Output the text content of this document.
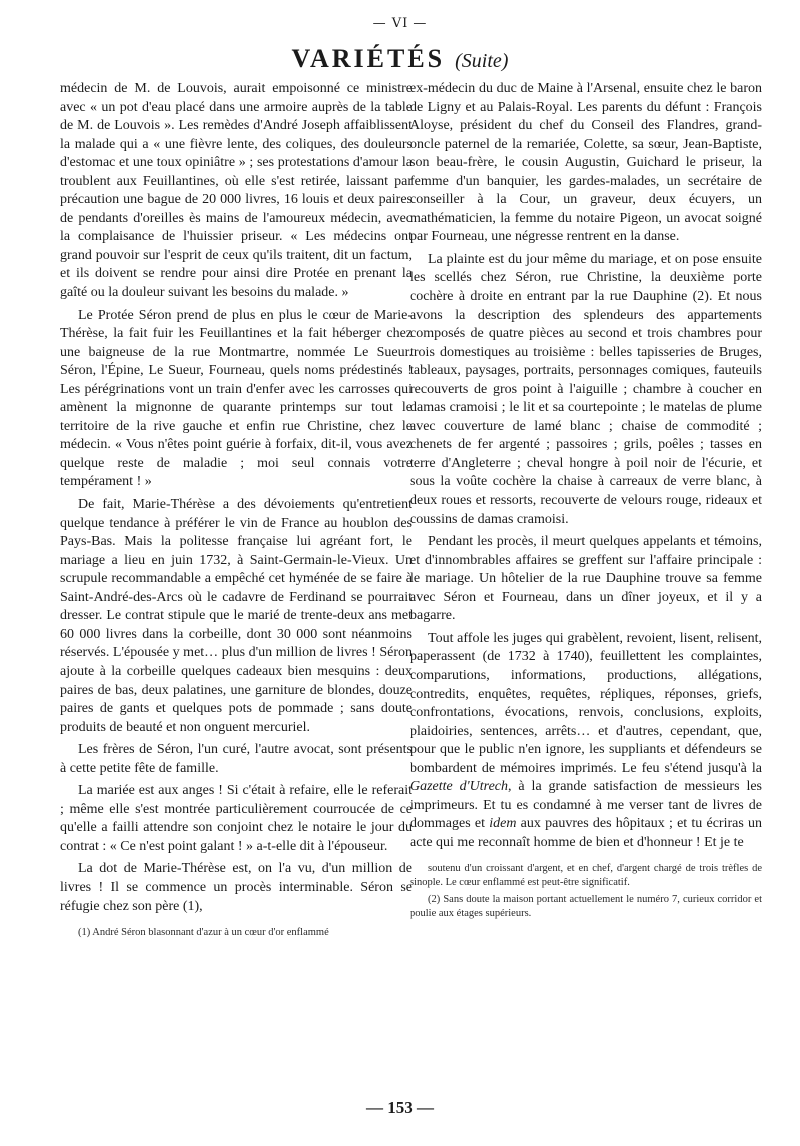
— VI —
VARIÉTÉS (Suite)

médecin de M. de Louvois, aurait empoisonné ce ministre avec « un pot d'eau placé dans une armoire auprès de la table de M. de Louvois ». Les remèdes d'André Joseph affaiblissent la malade qui a « une fièvre lente, des coliques, des douleurs d'estomac et une toux opiniâtre » ; ses protestations d'amour la troublent aux Feuillantines, où elle s'est retirée, laissant par précaution une bague de 20 000 livres, 16 louis et deux paires de pendants d'oreilles ès mains de l'amoureux médecin, avec la complaisance de l'huissier priseur. « Les médecins ont grand pouvoir sur l'esprit de ceux qu'ils traitent, dit un factum, et ils doivent se rendre pour ainsi dire Protée en prenant la gaîté ou la douleur suivant les besoins du malade. »

Le Protée Séron prend de plus en plus le cœur de Marie-Thérèse, la fait fuir les Feuillantines et la fait héberger chez une baigneuse de la rue Montmartre, nommée Le Sueur. Séron, l'Épine, Le Sueur, Fourneau, quels noms prédestinés ! Les pérégrinations vont un train d'enfer avec les carrosses qui amènent la mignonne de quarante printemps sur tout le territoire de la rive gauche et enfin rue Christine, chez le médecin. « Vous n'êtes point guérie à forfaix, dit-il, vous avez quelque reste de maladie ; moi seul connais votre tempérament ! »

De fait, Marie-Thérèse a des dévoiements qu'entretient quelque tendance à préférer le vin de France au houblon des Pays-Bas. Mais la politesse française lui agréant fort, le mariage a lieu en juin 1732, à Saint-Germain-le-Vieux. Un scrupule recommandable a empêché cet hyménée de se faire à Saint-André-des-Arcs où le cadavre de Ferdinand se pourrait dresser. Le contrat stipule que le marié de trente-deux ans met 60 000 livres dans la corbeille, dont 30 000 sont néanmoins réservés. L'épousée y met… plus d'un million de livres ! Séron ajoute à la corbeille quelques cadeaux bien mesquins : deux paires de bas, deux palatines, une garniture de blondes, douze paires de gants et quelques pots de pommade ; sans doute produits de beauté et non onguent mercuriel.

Les frères de Séron, l'un curé, l'autre avocat, sont présents à cette petite fête de famille.

La mariée est aux anges ! Si c'était à refaire, elle le referait ; même elle s'est montrée particulièrement courroucée de ce qu'elle a failli attendre son conjoint chez le notaire le jour du contrat : « Ce n'est point galant ! » a-t-elle dit à l'épouseur.

La dot de Marie-Thérèse est, on l'a vu, d'un million de livres ! Il se commence un procès interminable. Séron se réfugie chez son père (1),

(1) André Séron blasonnant d'azur à un cœur d'or enflammé

ex-médecin du duc de Maine à l'Arsenal, ensuite chez le baron de Ligny et au Palais-Royal. Les parents du défunt : François Aloyse, président du chef du Conseil des Flandres, grand-oncle paternel de la remariée, Colette, sa sœur, Jean-Baptiste, son beau-frère, le cousin Augustin, Guichard le priseur, la femme d'un banquier, les gardes-malades, un secrétaire de conseiller à la Cour, un graveur, deux écuyers, un mathématicien, la femme du notaire Pigeon, un avocat soigné par Fourneau, une négresse rentrent en la danse.

La plainte est du jour même du mariage, et on pose ensuite les scellés chez Séron, rue Christine, la deuxième porte cochère à droite en entrant par la rue Dauphine (2). Et nous avons la description des splendeurs des appartements composés de quatre pièces au second et trois chambres pour trois domestiques au troisième : belles tapisseries de Bruges, tableaux, paysages, portraits, personnages comiques, fauteuils recouverts de gros point à l'aiguille ; chambre à coucher en damas cramoisi ; le lit et sa courtepointe ; le matelas de plume avec couverture de lamé blanc ; chaise de commodité ; chenets de fer argenté ; passoires ; grils, poêles ; tasses en terre d'Angleterre ; cheval hongre à poil noir de l'écurie, et sous la voûte cochère la chaise à carreaux de verre blanc, à deux roues et ressorts, recouverte de velours rouge, rideaux et coussins de damas cramoisi.

Pendant les procès, il meurt quelques appelants et témoins, et d'innombrables affaires se greffent sur l'affaire principale : le mariage. Un hôtelier de la rue Dauphine trouve sa femme avec Séron et Fourneau, dans un dîner joyeux, et il y a bagarre.

Tout affole les juges qui grabèlent, revoient, lisent, relisent, paperassent (de 1732 à 1740), feuillettent les complaintes, comparutions, informations, productions, allégations, contredits, enquêtes, requêtes, répliques, réponses, griefs, confrontations, évocations, renvois, conclusions, exploits, plaidoiries, sentences, arrêts… et d'autres, cependant, que, pour que le public n'en ignore, les suppliants et défendeurs se bombardent de mémoires imprimés. Le feu s'étend jusqu'à la Gazette d'Utrech, à la grande satisfaction de messieurs les imprimeurs. Et tu es condamné à me verser tant de livres de dommages et idem aux pauvres des hôpitaux ; et tu écriras un acte qui me reconnaît homme de bien et d'honneur ! Et je te

soutenu d'un croissant d'argent, et en chef, d'argent chargé de trois trèfles de sinople. Le cœur enflammé est peut-être significatif.

(2) Sans doute la maison portant actuellement le numéro 7, curieux corridor et poulie aux étages supérieurs.

— 153 —
